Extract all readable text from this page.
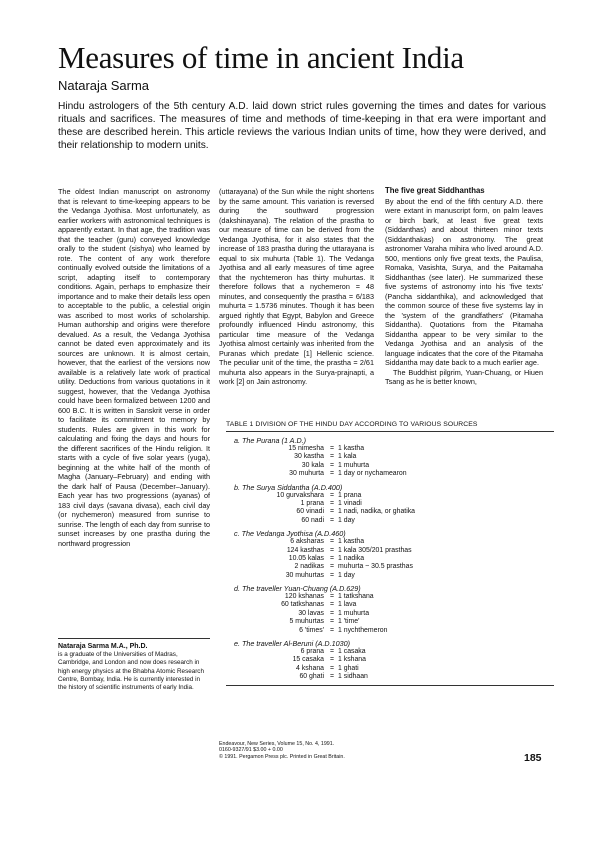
Measures of time in ancient India
Nataraja Sarma

Hindu astrologers of the 5th century A.D. laid down strict rules governing the times and dates for various rituals and sacrifices. The measures of time and methods of time-keeping in that era were important and these are described herein. This article reviews the various Indian units of time, how they were derived, and their relationship to modern units.

The oldest Indian manuscript on astronomy that is relevant to time-keeping appears to be the Vedanga Jyothisa. Most unfortunately, as earlier workers with astronomical techniques is apparently extant. In that age, the tradition was that the teacher (guru) conveyed knowledge orally to the student (sishya) who learned by rote. The content of any work therefore continually evolved outside the limitations of a script, adapting itself to contemporary conditions. Again, perhaps to emphasize their importance and to make their details less open to acceptable to the public, a celestial origin was ascribed to most works of scholarship. Human authorship and origins were therefore devalued. As a result, the Vedanga Jyothisa cannot be dated even approximately and its sources are unknown. It is almost certain, however, that the earliest of the versions now available is a relatively late work of practical utility. Deductions from various quotations in it suggest, however, that the Vedanga Jyothisa could have been formalized between 1200 and 600 B.C. It is written in Sanskrit verse in order to facilitate its commitment to memory by students. Rules are given in this work for calculating and fixing the days and hours for the different sacrifices of the Hindu religion. It starts with a cycle of five solar years (yuga), beginning at the white half of the month of Magha (January–February) and ending with the dark half of Pausa (December–January). Each year has two progressions (ayanas) of 183 civil days (savana divasa), each civil day (or nychemeron) measured from sunrise to sunrise. The length of each day from sunrise to sunset increases by one prastha during the northward progression

(uttarayana) of the Sun while the night shortens by the same amount. This variation is reversed during the southward progression (dakshinayana). The relation of the prastha to our measure of time can be derived from the Vedanga Jyothisa, for it also states that the increase of 183 prastha during the uttarayana is equal to six muhurta (Table 1). The Vedanga Jyothisa and all early measures of time agree that the nychtemeron has thirty muhurtas. It therefore follows that a nychemeron = 48 minutes, and consequently the prastha = 6/183 muhurta = 1.5736 minutes. Though it has been argued rightly that Egypt, Babylon and Greece profoundly influenced Hindu astronomy, this particular time measure of the Vedanga Jyothisa almost certainly was inherited from the Puranas which predate [1] Hellenic science. The peculiar unit of the time, the prastha = 2/61 muhurta also appears in the Surya-prajnapti, a work [2] on Jain astronomy.

The five great Siddhanthas

By about the end of the fifth century A.D. there were extant in manuscript form, on palm leaves or birch bark, at least five great texts (Siddanthas) and about thirteen minor texts (Siddanthakas) on astronomy. The great astronomer Varaha mihira who lived around A.D. 500, mentions only five great texts, the Paulisa, Romaka, Vasishta, Surya, and the Paitamaha Siddhanthas (see later). He summarized these five systems of astronomy into his 'five texts' (Pancha siddanthika), and acknowledged that the common source of these five systems lay in the 'system of the grandfathers' (Pitamaha Siddantha). Quotations from the Pitamaha Siddantha appear to be very similar to the Vedanga Jyothisa and an analysis of the language indicates that the core of the Pitamaha Siddantha may date back to a much earlier age.

The Buddhist pilgrim, Yuan-Chuang, or Hiuen Tsang as he is better known,

Nataraja Sarma M.A., Ph.D.
is a graduate of the Universities of Madras, Cambridge, and London and now does research in high energy physics at the Bhabha Atomic Research Centre, Bombay, India. He is currently interested in the history of scientific instruments of early India.
Endeavour, New Series, Volume 15, No. 4, 1991.
0160-9327/91 $3.00 + 0.00
© 1991. Pergamon Press plc. Printed in Great Britain.
TABLE 1 DIVISION OF THE HINDU DAY ACCORDING TO VARIOUS SOURCES
a. The Purana (1 A.D.)
15 nimesha = 1 kastha
30 kastha = 1 kala
30 kala = 1 muhurta
30 muhurta = 1 day or nychamearon
b. The Surya Siddantha (A.D.400)
10 gurvakshara = 1 prana
1 prana = 1 vinadi
60 vinadi = 1 nadi, nadika, or ghatika
60 nadi = 1 day
c. The Vedanga Jyothisa (A.D.460)
6 aksharas = 1 kastha
124 kasthas = 1 kala 305/201 prasthas
10.05 kalas = 1 nadika
2 nadikas = muhurta ~ 30.5 prasthas
30 muhurtas = 1 day
d. The traveller Yuan-Chuang (A.D.629)
120 kshanas = 1 tatkshana
60 tatkshanas = 1 lava
30 lavas = 1 muhurta
5 muhurtas = 1 'time'
6 'times' = 1 nychthemeron
e. The traveller Al-Beruni (A.D.1030)
6 prana = 1 casaka
15 casaka = 1 kshana
4 kshana = 1 ghati
60 ghati = 1 sidhaan
185
